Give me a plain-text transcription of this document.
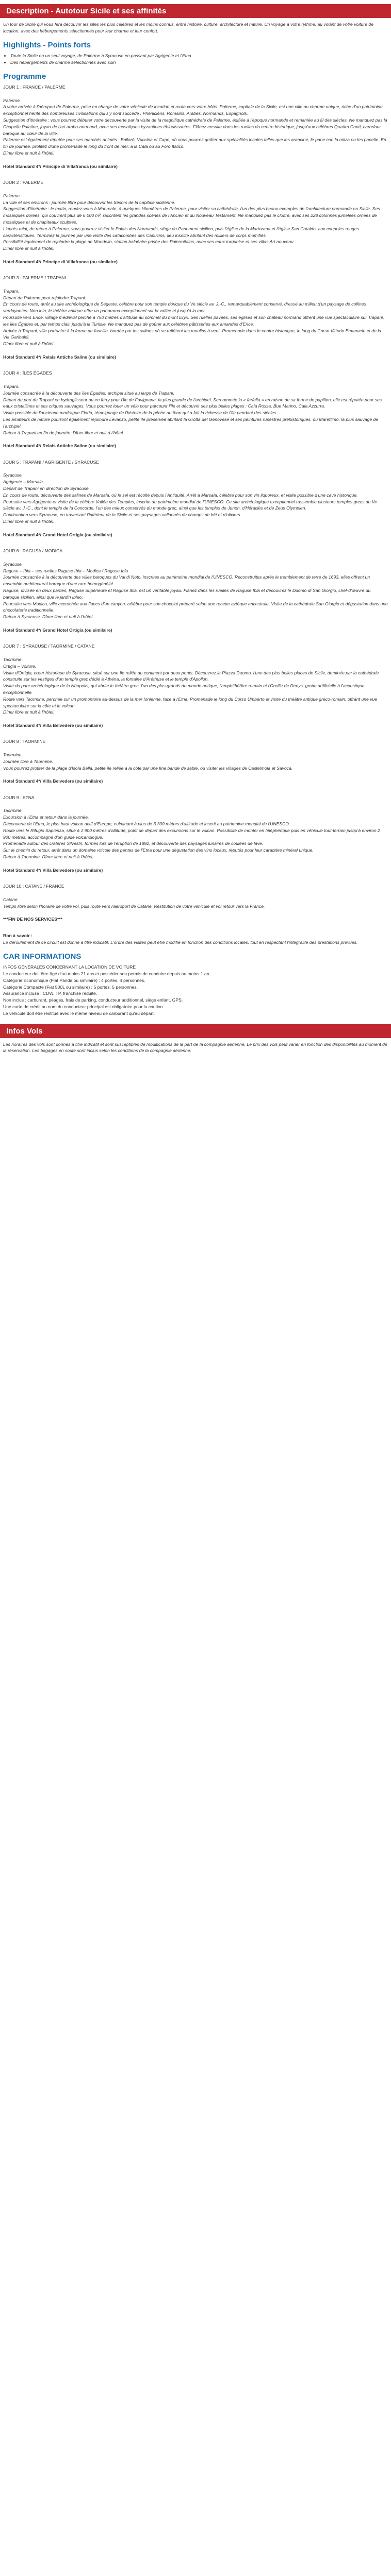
Description - Autotour Sicile et ses affinités

Un tour de Sicile qui vous fera découvrir les sites les plus célèbres et les moins connus, entre histoire, culture, architecture et nature. Un voyage à votre rythme, au volant de votre voiture de location, avec des hébergements sélectionnés pour leur charme et leur confort.

Highlights - Points forts
• Toute la Sicile en un seul voyage, de Palerme à Syracuse en passant par Agrigente et l'Etna
• Des hébergements de charme sélectionnés avec soin
Programme

JOUR 1 : FRANCE / PALERME

Palerme.

A votre arrivée à l'aéroport de Palerme, prise en charge de votre véhicule de location et route vers votre hôtel. Palerme, capitale de la Sicile, est une ville au charme unique, riche d'un patrimoine exceptionnel hérité des nombreuses civilisations qui s'y sont succédé : Phéniciens, Romains, Arabes, Normands, Espagnols.

Suggestion d'itinéraire : vous pourrez débuter votre découverte par la visite de la magnifique cathédrale de Palerme, édifiée à l'époque normande et remaniée au fil des siècles. Ne manquez pas la Chapelle Palatine, joyau de l'art arabo-normand, avec ses mosaïques byzantines éblouissantes. Flânez ensuite dans les ruelles du centre historique, jusqu'aux célèbres Quattro Canti, carrefour baroque au cœur de la ville.

Palerme est également réputée pour ses marchés animés : Ballarò, Vucciria et Capo, où vous pourrez goûter aux spécialités locales telles que les arancine, le pane con la milza ou les panelle. En fin de journée, profitez d'une promenade le long du front de mer, à la Cala ou au Foro Italico.

Dîner libre et nuit à l'hôtel.

Hotel Standard 4*/ Principe di Villafranca (ou similaire)

JOUR 2 : PALERME

Palerme.

La ville et ses environs : journée libre pour découvrir les trésors de la capitale sicilienne.

Suggestion d'itinéraire : le matin, rendez-vous à Monreale, à quelques kilomètres de Palerme, pour visiter sa cathédrale, l'un des plus beaux exemples de l'architecture normande en Sicile. Ses mosaïques dorées, qui couvrent plus de 6 000 m², racontent les grandes scènes de l'Ancien et du Nouveau Testament. Ne manquez pas le cloître, avec ses 228 colonnes jumelées ornées de mosaïques et de chapiteaux sculptés.

L'après-midi, de retour à Palerme, vous pourrez visiter le Palais des Normands, siège du Parlement sicilien, puis l'église de la Martorana et l'église San Cataldo, aux coupoles rouges caractéristiques. Terminez la journée par une visite des catacombes des Capucins, lieu insolite abritant des milliers de corps momifiés.

Possibilité également de rejoindre la plage de Mondello, station balnéaire prisée des Palermitains, avec ses eaux turquoise et ses villas Art nouveau.

Dîner libre et nuit à l'hôtel.

Hotel Standard 4*/ Principe di Villafranca (ou similaire)

JOUR 3 : PALERME / TRAPANI

Trapani.

Départ de Palerme pour rejoindre Trapani.

En cours de route, arrêt au site archéologique de Ségeste, célèbre pour son temple dorique du Ve siècle av. J.-C., remarquablement conservé, dressé au milieu d'un paysage de collines verdoyantes. Non loin, le théâtre antique offre un panorama exceptionnel sur la vallée et jusqu'à la mer.

Poursuite vers Erice, village médiéval perché à 750 mètres d'altitude au sommet du mont Eryx. Ses ruelles pavées, ses églises et son château normand offrent une vue spectaculaire sur Trapani, les îles Égades et, par temps clair, jusqu'à la Tunisie. Ne manquez pas de goûter aux célèbres pâtisseries aux amandes d'Erice.

Arrivée à Trapani, ville portuaire à la forme de faucille, bordée par les salines où se reflètent les moulins à vent. Promenade dans le centre historique, le long du Corso Vittorio Emanuele et de la Via Garibaldi.

Dîner libre et nuit à l'hôtel.

Hotel Standard 4*/ Relais Antiche Saline (ou similaire)

JOUR 4 : ÎLES ÉGADES

Trapani.

Journée consacrée à la découverte des îles Égades, archipel situé au large de Trapani.

Départ du port de Trapani en hydroglisseur ou en ferry pour l'île de Favignana, la plus grande de l'archipel. Surnommée la « farfalla » en raison de sa forme de papillon, elle est réputée pour ses eaux cristallines et ses criques sauvages. Vous pourrez louer un vélo pour parcourir l'île et découvrir ses plus belles plages : Cala Rossa, Bue Marino, Cala Azzurra.

Visite possible de l'ancienne madrague Florio, témoignage de l'histoire de la pêche au thon qui a fait la richesse de l'île pendant des siècles.

Les amateurs de nature pourront également rejoindre Levanzo, petite île préservée abritant la Grotta del Genovese et ses peintures rupestres préhistoriques, ou Marettimo, la plus sauvage de l'archipel.

Retour à Trapani en fin de journée. Dîner libre et nuit à l'hôtel.

Hotel Standard 4*/ Relais Antiche Saline (ou similaire)

JOUR 5 : TRAPANI / AGRIGENTE / SYRACUSE

Syracuse.

Agrigente – Marsala.

Départ de Trapani en direction de Syracuse.

En cours de route, découverte des salines de Marsala, où le sel est récolté depuis l'Antiquité. Arrêt à Marsala, célèbre pour son vin liquoreux, et visite possible d'une cave historique.

Poursuite vers Agrigente et visite de la célèbre Vallée des Temples, inscrite au patrimoine mondial de l'UNESCO. Ce site archéologique exceptionnel rassemble plusieurs temples grecs du Ve siècle av. J.-C., dont le temple de la Concorde, l'un des mieux conservés du monde grec, ainsi que les temples de Junon, d'Héraclès et de Zeus Olympien.

Continuation vers Syracuse, en traversant l'intérieur de la Sicile et ses paysages vallonnés de champs de blé et d'oliviers.

Dîner libre et nuit à l'hôtel.

Hotel Standard 4*/ Grand Hotel Ortigia (ou similaire)

JOUR 6 : RAGUSA / MODICA

Syracuse.

Raguse – Ibla – ses ruelles Raguse Ibla – Modica / Raguse Ibla

Journée consacrée à la découverte des villes baroques du Val di Noto, inscrites au patrimoine mondial de l'UNESCO. Reconstruites après le tremblement de terre de 1693, elles offrent un ensemble architectural baroque d'une rare homogénéité.

Raguse, divisée en deux parties, Raguse Supérieure et Raguse Ibla, est un véritable joyau. Flânez dans les ruelles de Raguse Ibla et découvrez le Duomo di San Giorgio, chef-d'œuvre du baroque sicilien, ainsi que le jardin Ibleo.

Poursuite vers Modica, ville accrochée aux flancs d'un canyon, célèbre pour son chocolat préparé selon une recette aztèque ancestrale. Visite de la cathédrale San Giorgio et dégustation dans une chocolaterie traditionnelle.

Retour à Syracuse. Dîner libre et nuit à l'hôtel.

Hotel Standard 4*/ Grand Hotel Ortigia (ou similaire)

JOUR 7 : SYRACUSE / TAORMINE / CATANE

Taormine.

Ortigia – Voiture.

Visite d'Ortigia, cœur historique de Syracuse, situé sur une île reliée au continent par deux ponts. Découvrez la Piazza Duomo, l'une des plus belles places de Sicile, dominée par la cathédrale construite sur les vestiges d'un temple grec dédié à Athéna, la fontaine d'Aréthuse et le temple d'Apollon.

Visite du parc archéologique de la Néapolis, qui abrite le théâtre grec, l'un des plus grands du monde antique, l'amphithéâtre romain et l'Oreille de Denys, grotte artificielle à l'acoustique exceptionnelle.

Route vers Taormine, perchée sur un promontoire au-dessus de la mer Ionienne, face à l'Etna. Promenade le long du Corso Umberto et visite du théâtre antique gréco-romain, offrant une vue spectaculaire sur la côte et le volcan.

Dîner libre et nuit à l'hôtel.

Hotel Standard 4*/ Villa Belvedere (ou similaire)

JOUR 8 : TAORMINE

Taormine.

Journée libre à Taormine.

Vous pourrez profiter de la plage d'Isola Bella, petite île reliée à la côte par une fine bande de sable, ou visiter les villages de Castelmola et Savoca.

Hotel Standard 4*/ Villa Belvedere (ou similaire)

JOUR 9 : ETNA

Taormine.

Excursion à l'Etna et retour dans la journée.

Découverte de l'Etna, le plus haut volcan actif d'Europe, culminant à plus de 3 300 mètres d'altitude et inscrit au patrimoine mondial de l'UNESCO.

Route vers le Rifugio Sapienza, situé à 1 900 mètres d'altitude, point de départ des excursions sur le volcan. Possibilité de monter en téléphérique puis en véhicule tout-terrain jusqu'à environ 2 900 mètres, accompagné d'un guide volcanologue.

Promenade autour des cratères Silvestri, formés lors de l'éruption de 1892, et découverte des paysages lunaires de coulées de lave.

Sur le chemin du retour, arrêt dans un domaine viticole des pentes de l'Etna pour une dégustation des vins locaux, réputés pour leur caractère minéral unique.

Retour à Taormine. Dîner libre et nuit à l'hôtel.

Hotel Standard 4*/ Villa Belvedere (ou similaire)

JOUR 10 : CATANE / FRANCE

Catane.

Temps libre selon l'horaire de votre vol, puis route vers l'aéroport de Catane. Restitution de votre véhicule et vol retour vers la France.

***FIN DE NOS SERVICES***
Bon à savoir :

Le déroulement de ce circuit est donné à titre indicatif. L'ordre des visites peut être modifié en fonction des conditions locales, tout en respectant l'intégralité des prestations prévues.

CAR INFORMATIONS
INFOS GÉNÉRALES CONCERNANT LA LOCATION DE VOITURE
Le conducteur doit être âgé d'au moins 21 ans et posséder son permis de conduire depuis au moins 1 an.
Catégorie Économique (Fiat Panda ou similaire) : 4 portes, 4 personnes.
Catégorie Compacte (Fiat 500L ou similaire) : 5 portes, 5 personnes.
Assurance incluse : CDW, TP, franchise réduite.
Non inclus : carburant, péages, frais de parking, conducteur additionnel, siège enfant, GPS.
Une carte de crédit au nom du conducteur principal est obligatoire pour la caution.
Le véhicule doit être restitué avec le même niveau de carburant qu'au départ.
Infos Vols

Les horaires des vols sont donnés à titre indicatif et sont susceptibles de modifications de la part de la compagnie aérienne. Le prix des vols peut varier en fonction des disponibilités au moment de la réservation. Les bagages en soute sont inclus selon les conditions de la compagnie aérienne.
